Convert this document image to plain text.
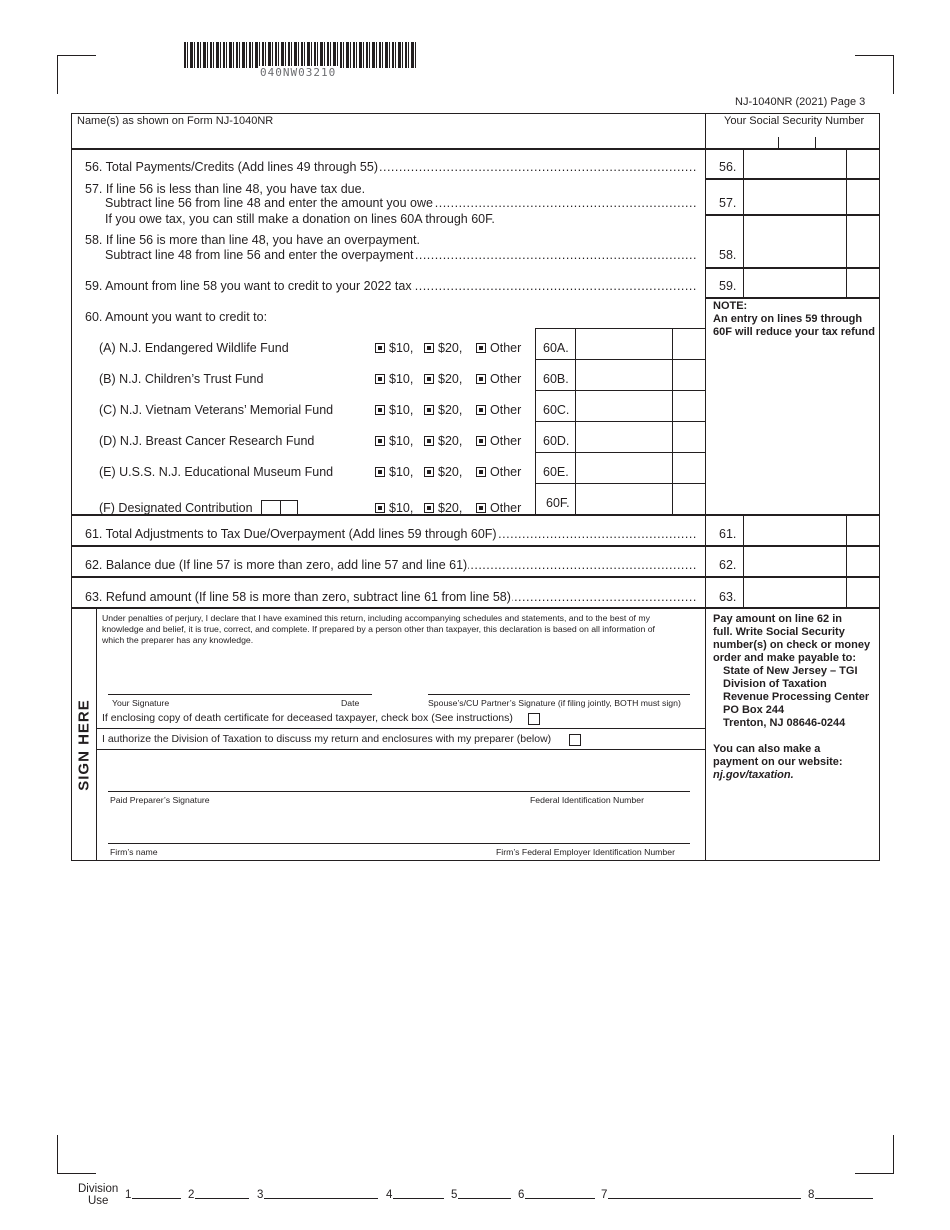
040NW03210
NJ-1040NR (2021) Page 3
Name(s) as shown on Form NJ-1040NR	Your Social Security Number
56. Total Payments/Credits (Add lines 49 through 55) .....	56.
57. If line 56 is less than line 48, you have tax due.
Subtract line 56 from line 48 and enter the amount you owe .....
If you owe tax, you can still make a donation on lines 60A through 60F.
57.
58. If line 56 is more than line 48, you have an overpayment.
Subtract line 48 from line 56 and enter the overpayment .....	58.
59. Amount from line 58 you want to credit to your 2022 tax .....	59.
NOTE:
An entry on lines 59 through
60F will reduce your tax refund
60. Amount you want to credit to:
(A) N.J. Endangered Wildlife Fund	$10, $20, Other 60A.
(B) N.J. Children’s Trust Fund	$10, $20, Other 60B.
(C) N.J. Vietnam Veterans’ Memorial Fund	$10, $20, Other 60C.
(D) N.J. Breast Cancer Research Fund	$10, $20, Other 60D.
(E) U.S.S. N.J. Educational Museum Fund	$10, $20, Other 60E.
(F) Designated Contribution	$10, $20, Other 60F.
61. Total Adjustments to Tax Due/Overpayment (Add lines 59 through 60F) .....	61.
62. Balance due (If line 57 is more than zero, add line 57 and line 61) .....	62.
63. Refund amount (If line 58 is more than zero, subtract line 61 from line 58) .....	63.
SIGN HERE
Under penalties of perjury, I declare that I have examined this return, including accompanying schedules and statements, and to the best of my
knowledge and belief, it is true, correct, and complete. If prepared by a person other than taxpayer, this declaration is based on all information of
which the preparer has any knowledge.
Your Signature	Date	Spouse’s/CU Partner’s Signature (if filing jointly, BOTH must sign)
If enclosing copy of death certificate for deceased taxpayer, check box (See instructions)
I authorize the Division of Taxation to discuss my return and enclosures with my preparer (below)
Paid Preparer’s Signature	Federal Identification Number
Firm’s name	Firm’s Federal Employer Identification Number
Pay amount on line 62 in
full. Write Social Security
number(s) on check or money
order and make payable to:
State of New Jersey – TGI
Division of Taxation
Revenue Processing Center
PO Box 244
Trenton, NJ 08646-0244
You can also make a
payment on our website:
nj.gov/taxation.
Division
Use 1	2	3	4	5	6	7	8
